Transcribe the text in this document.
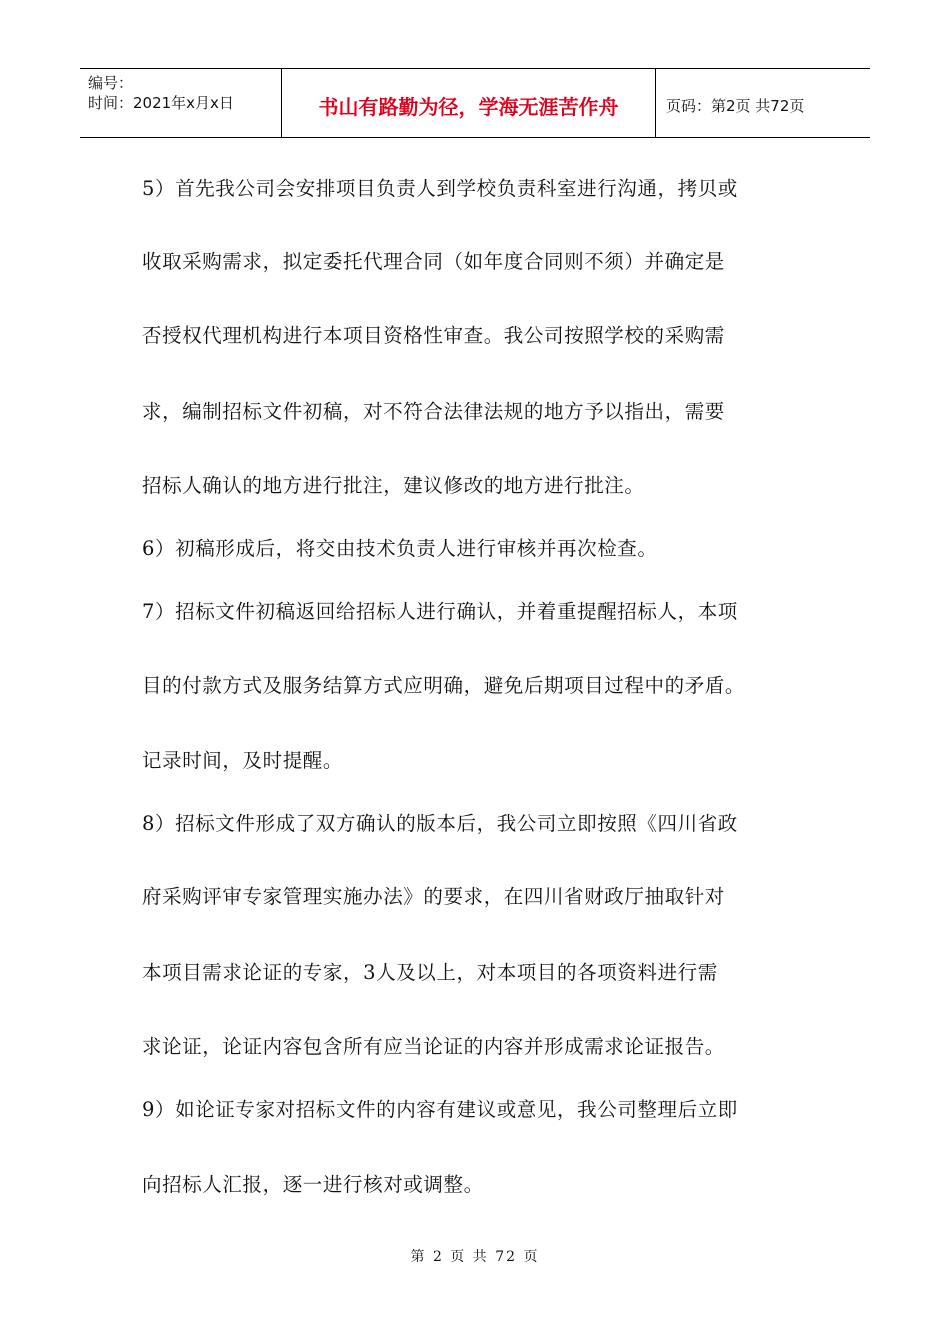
编号：
时间：2021年x月x日	书山有路勤为径，学海无涯苦作舟	页码：第2页 共72页
5）首先我公司会安排项目负责人到学校负责科室进行沟通，拷贝或
收取采购需求，拟定委托代理合同（如年度合同则不须）并确定是
否授权代理机构进行本项目资格性审查。我公司按照学校的采购需
求，编制招标文件初稿，对不符合法律法规的地方予以指出，需要
招标人确认的地方进行批注，建议修改的地方进行批注。
6）初稿形成后，将交由技术负责人进行审核并再次检查。
7）招标文件初稿返回给招标人进行确认，并着重提醒招标人，本项
目的付款方式及服务结算方式应明确，避免后期项目过程中的矛盾。
记录时间，及时提醒。
8）招标文件形成了双方确认的版本后，我公司立即按照《四川省政
府采购评审专家管理实施办法》的要求，在四川省财政厅抽取针对
本项目需求论证的专家，3人及以上，对本项目的各项资料进行需
求论证，论证内容包含所有应当论证的内容并形成需求论证报告。
9）如论证专家对招标文件的内容有建议或意见，我公司整理后立即
向招标人汇报，逐一进行核对或调整。
第 2 页 共 72 页
